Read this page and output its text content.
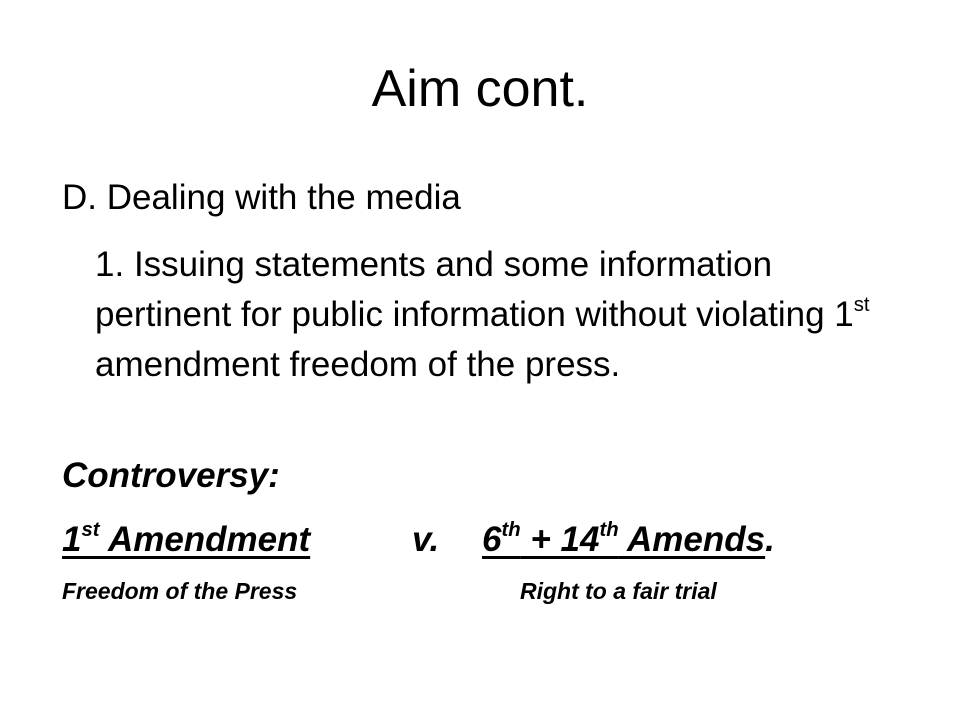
Aim cont.

D. Dealing with the media

1. Issuing statements and some information pertinent for public information without violating 1st amendment freedom of the press.

Controversy:

1st Amendment	v. 6th + 14th Amends.
Freedom of the Press	Right to a fair trial
